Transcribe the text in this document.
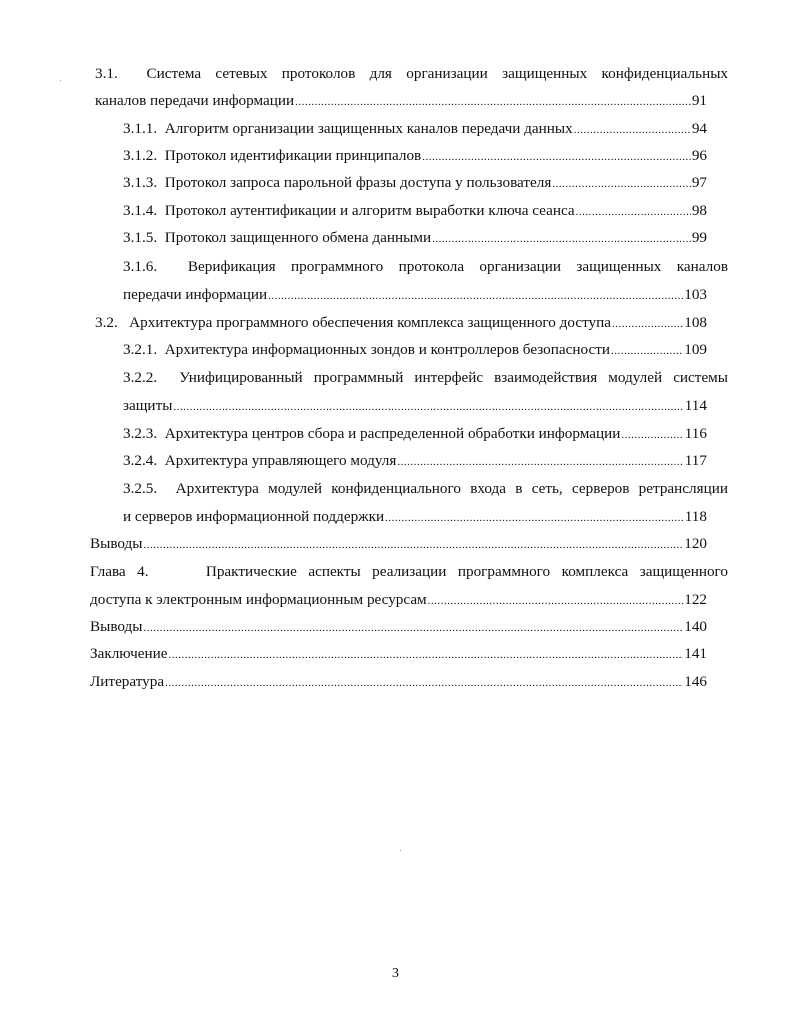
3.1.  Система сетевых протоколов для организации защищенных конфиденциальных
каналов передачи информации .....	91
3.1.1.  Алгоритм организации защищенных каналов передачи данных .....	94
3.1.2.  Протокол идентификации принципалов .....	96
3.1.3.  Протокол запроса парольной фразы доступа у пользователя .....	97
3.1.4.  Протокол аутентификации и алгоритм выработки ключа сеанса .....	98
3.1.5.  Протокол защищенного обмена данными .....	99
3.1.6.  Верификация программного протокола организации защищенных каналов
передачи информации .....	103
3.2.   Архитектура программного обеспечения комплекса защищенного доступа .....	108
3.2.1.  Архитектура информационных зондов и контроллеров безопасности .....	109
3.2.2.  Унифицированный программный интерфейс взаимодействия модулей системы
защиты .....	114
3.2.3.  Архитектура центров сбора и распределенной обработки информации .....	116
3.2.4.  Архитектура управляющего модуля .....	117
3.2.5.  Архитектура модулей конфиденциального входа в сеть, серверов ретрансляции
и серверов информационной поддержки .....	118
Выводы .....	120
Глава 4.     Практические аспекты реализации программного комплекса защищенного
доступа к электронным информационным ресурсам .....	122
Выводы .....	140
Заключение .....	141
Литература .....	146
3
